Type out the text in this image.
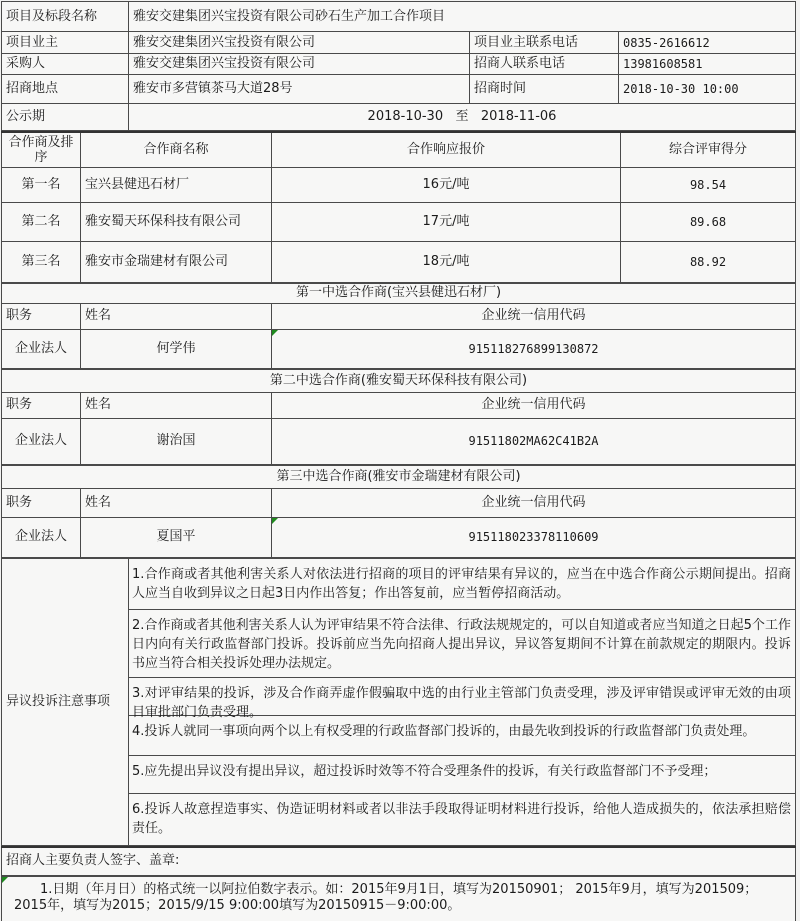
项目及标段名称	雅安交建集团兴宝投资有限公司砂石生产加工合作项目		
项目业主	雅安交建集团兴宝投资有限公司	项目业主联系电话	0835-2616612
采购人	雅安交建集团兴宝投资有限公司	招商人联系电话	13981608581
招商地点	雅安市多营镇茶马大道28号	招商时间	2018-10-30 10:00
公示期	2018-10-30   至   2018-11-06		
合作商及排序	合作商名称	合作响应报价	综合评审得分
第一名	宝兴县健迅石材厂	16元/吨	98.54
第二名	雅安蜀天环保科技有限公司	17元/吨	89.68
第三名	雅安市金瑞建材有限公司	18元/吨	88.92
第一中选合作商(宝兴县健迅石材厂)		
职务	姓名	企业统一信用代码
企业法人	何学伟	915118276899130872
第二中选合作商(雅安蜀天环保科技有限公司)		
职务	姓名	企业统一信用代码
企业法人	谢治国	91511802MA62C41B2A
第三中选合作商(雅安市金瑞建材有限公司)		
职务	姓名	企业统一信用代码
企业法人	夏国平	915118023378110609
异议投诉注意事项	
1.合作商或者其他利害关系人对依法进行招商的项目的评审结果有异议的，应当在中选合作商公示期间提出。招商人应当自收到异议之日起3日内作出答复；作出答复前，应当暂停招商活动。
2.合作商或者其他利害关系人认为评审结果不符合法律、行政法规规定的，可以自知道或者应当知道之日起5个工作日内向有关行政监督部门投诉。投诉前应当先向招商人提出异议，异议答复期间不计算在前款规定的期限内。投诉书应当符合相关投诉处理办法规定。
3.对评审结果的投诉，涉及合作商弄虚作假骗取中选的由行业主管部门负责受理，涉及评审错误或评审无效的由项目审批部门负责受理。
4.投诉人就同一事项向两个以上有权受理的行政监督部门投诉的，由最先收到投诉的行政监督部门负责处理。
5.应先提出异议没有提出异议，超过投诉时效等不符合受理条件的投诉，有关行政监督部门不予受理；
6.投诉人故意捏造事实、伪造证明材料或者以非法手段取得证明材料进行投诉，给他人造成损失的，依法承担赔偿责任。
招商人主要负责人签字、盖章:
1.日期（年月日）的格式统一以阿拉伯数字表示。如：2015年9月1日，填写为20150901； 2015年9月，填写为201509；2015年，填写为2015；2015/9/15 9:00:00填写为20150915－9:00:00。
